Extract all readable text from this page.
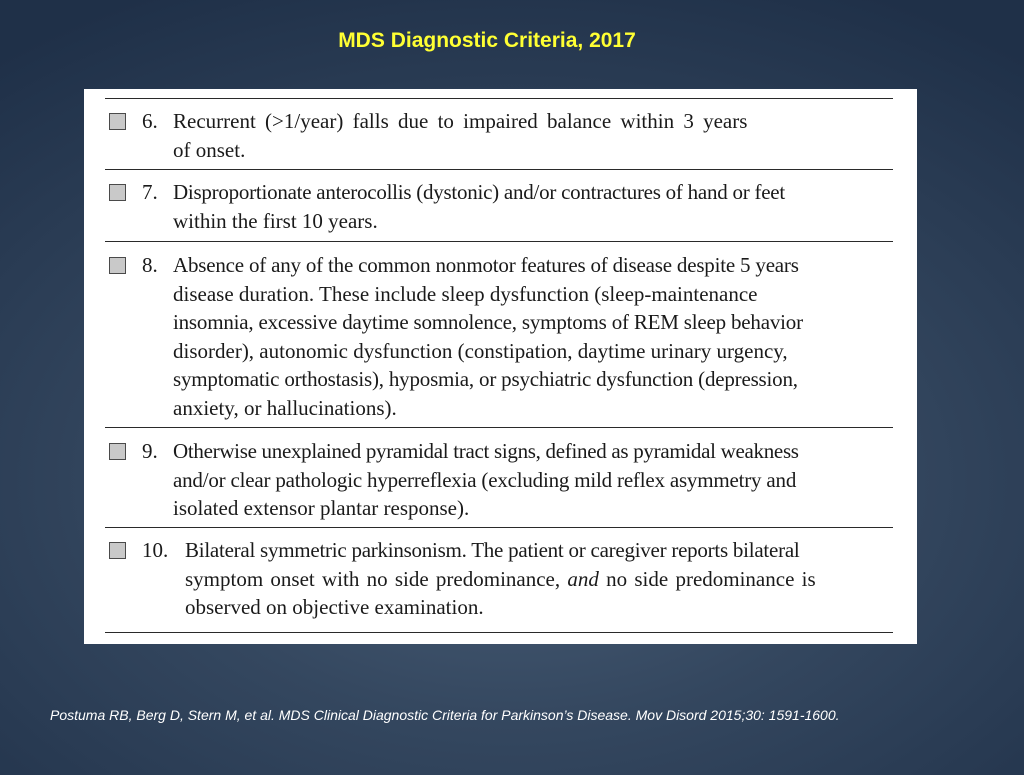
MDS Diagnostic Criteria, 2017
6. Recurrent (>1/year) falls due to impaired balance within 3 years
of onset.
7. Disproportionate anterocollis (dystonic) and/or contractures of hand or feet
within the first 10 years.
8. Absence of any of the common nonmotor features of disease despite 5 years
disease duration. These include sleep dysfunction (sleep-maintenance
insomnia, excessive daytime somnolence, symptoms of REM sleep behavior
disorder), autonomic dysfunction (constipation, daytime urinary urgency,
symptomatic orthostasis), hyposmia, or psychiatric dysfunction (depression,
anxiety, or hallucinations).
9. Otherwise unexplained pyramidal tract signs, defined as pyramidal weakness
and/or clear pathologic hyperreflexia (excluding mild reflex asymmetry and
isolated extensor plantar response).
10. Bilateral symmetric parkinsonism. The patient or caregiver reports bilateral
symptom onset with no side predominance, and no side predominance is
observed on objective examination.
Postuma RB, Berg D, Stern M, et al. MDS Clinical Diagnostic Criteria for Parkinson’s Disease. Mov Disord 2015;30: 1591-1600.
